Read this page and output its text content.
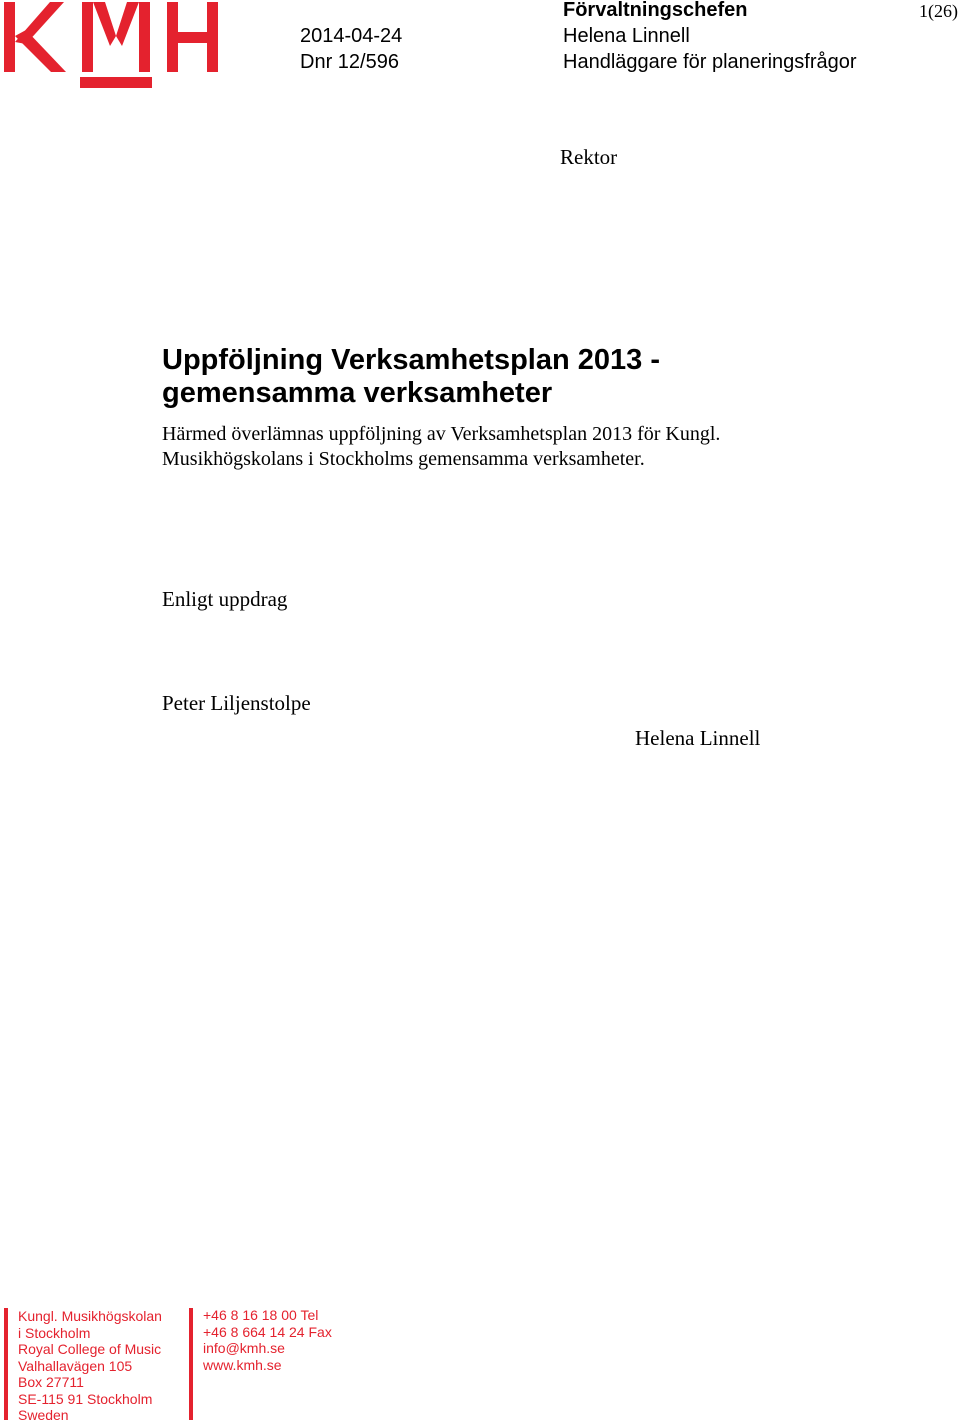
2014-04-24
Dnr 12/596
Förvaltningschefen
Helena Linnell
Handläggare för planeringsfrågor
1(26)
Rektor
Uppföljning Verksamhetsplan 2013 -
gemensamma verksamheter
Härmed överlämnas uppföljning av Verksamhetsplan 2013 för Kungl.
Musikhögskolans i Stockholms gemensamma verksamheter.
Enligt uppdrag
Peter Liljenstolpe
Helena Linnell
Kungl. Musikhögskolan
i Stockholm
Royal College of Music
Valhallavägen 105
Box 27711
SE-115 91 Stockholm
Sweden
+46 8 16 18 00 Tel
+46 8 664 14 24 Fax
info@kmh.se
www.kmh.se
